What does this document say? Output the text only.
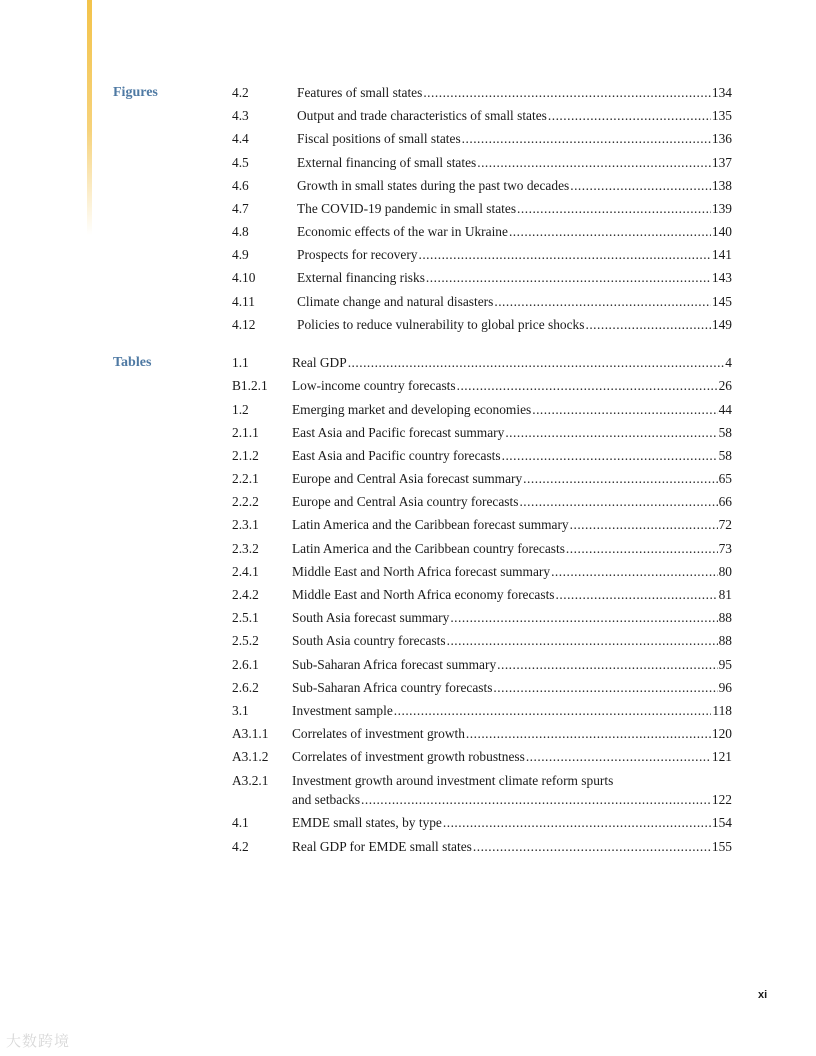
Figures	4.2	Features of small states .....	134
4.3	Output and trade characteristics of small states .....	135
4.4	Fiscal positions of small states .....	136
4.5	External financing of small states .....	137
4.6	Growth in small states during the past two decades .....	138
4.7	The COVID-19 pandemic in small states .....	139
4.8	Economic effects of the war in Ukraine .....	140
4.9	Prospects for recovery .....	141
4.10	External financing risks .....	143
4.11	Climate change and natural disasters .....	145
4.12	Policies to reduce vulnerability to global price shocks .....	149
Tables	1.1	Real GDP .....	4
B1.2.1 Low-income country forecasts .....	26
1.2	Emerging market and developing economies .....	44
2.1.1 East Asia and Pacific forecast summary .....	58
2.1.2 East Asia and Pacific country forecasts .....	58
2.2.1 Europe and Central Asia forecast summary .....	65
2.2.2 Europe and Central Asia country forecasts .....	66
2.3.1 Latin America and the Caribbean forecast summary .....	72
2.3.2 Latin America and the Caribbean country forecasts .....	73
2.4.1 Middle East and North Africa forecast summary .....	80
2.4.2 Middle East and North Africa economy forecasts .....	81
2.5.1 South Asia forecast summary .....	88
2.5.2 South Asia country forecasts .....	88
2.6.1 Sub-Saharan Africa forecast summary .....	95
2.6.2 Sub-Saharan Africa country forecasts .....	96
3.1	Investment sample .....	118
A3.1.1 Correlates of investment growth .....	120
A3.1.2 Correlates of investment growth robustness .....	121
A3.2.1 Investment growth around investment climate reform spurts
and setbacks .....	122
4.1	EMDE small states, by type .....	154
4.2	Real GDP for EMDE small states .....	155
xi
大数跨境
